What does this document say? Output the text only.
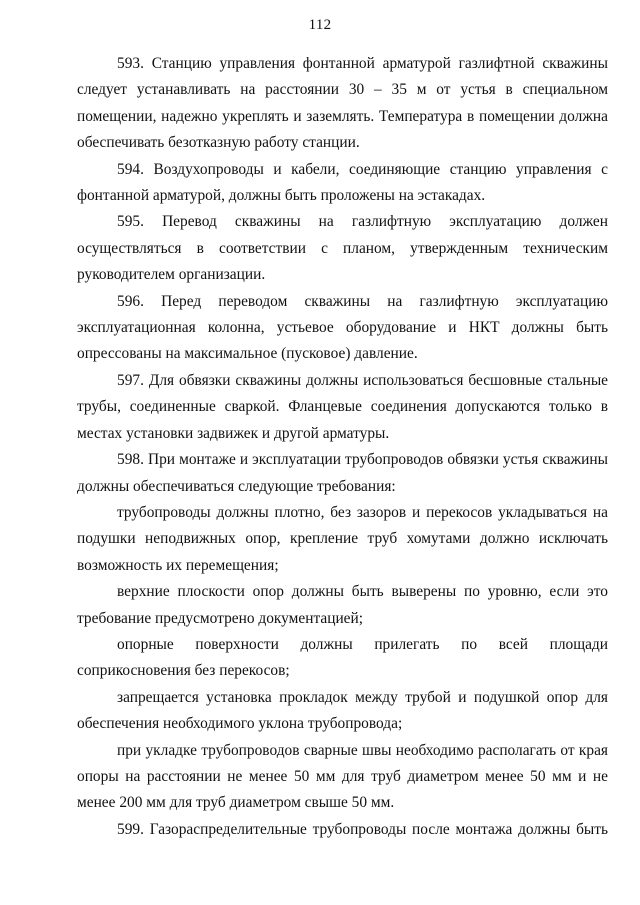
112

593. Станцию управления фонтанной арматурой газлифтной скважины следует устанавливать на расстоянии 30 – 35 м от устья в специальном помещении, надежно укреплять и заземлять. Температура в помещении должна обеспечивать безотказную работу станции.

594. Воздухопроводы и кабели, соединяющие станцию управления с фонтанной арматурой, должны быть проложены на эстакадах.

595. Перевод скважины на газлифтную эксплуатацию должен осуществляться в соответствии с планом, утвержденным техническим руководителем организации.

596. Перед переводом скважины на газлифтную эксплуатацию эксплуатационная колонна, устьевое оборудование и НКТ должны быть опрессованы на максимальное (пусковое) давление.

597. Для обвязки скважины должны использоваться бесшовные стальные трубы, соединенные сваркой. Фланцевые соединения допускаются только в местах установки задвижек и другой арматуры.

598. При монтаже и эксплуатации трубопроводов обвязки устья скважины должны обеспечиваться следующие требования:

трубопроводы должны плотно, без зазоров и перекосов укладываться на подушки неподвижных опор, крепление труб хомутами должно исключать возможность их перемещения;

верхние плоскости опор должны быть выверены по уровню, если это требование предусмотрено документацией;

опорные поверхности должны прилегать по всей площади соприкосновения без перекосов;

запрещается установка прокладок между трубой и подушкой опор для обеспечения необходимого уклона трубопровода;

при укладке трубопроводов сварные швы необходимо располагать от края опоры на расстоянии не менее 50 мм для труб диаметром менее 50 мм и не менее 200 мм для труб диаметром свыше 50 мм.

599. Газораспределительные трубопроводы после монтажа должны быть
